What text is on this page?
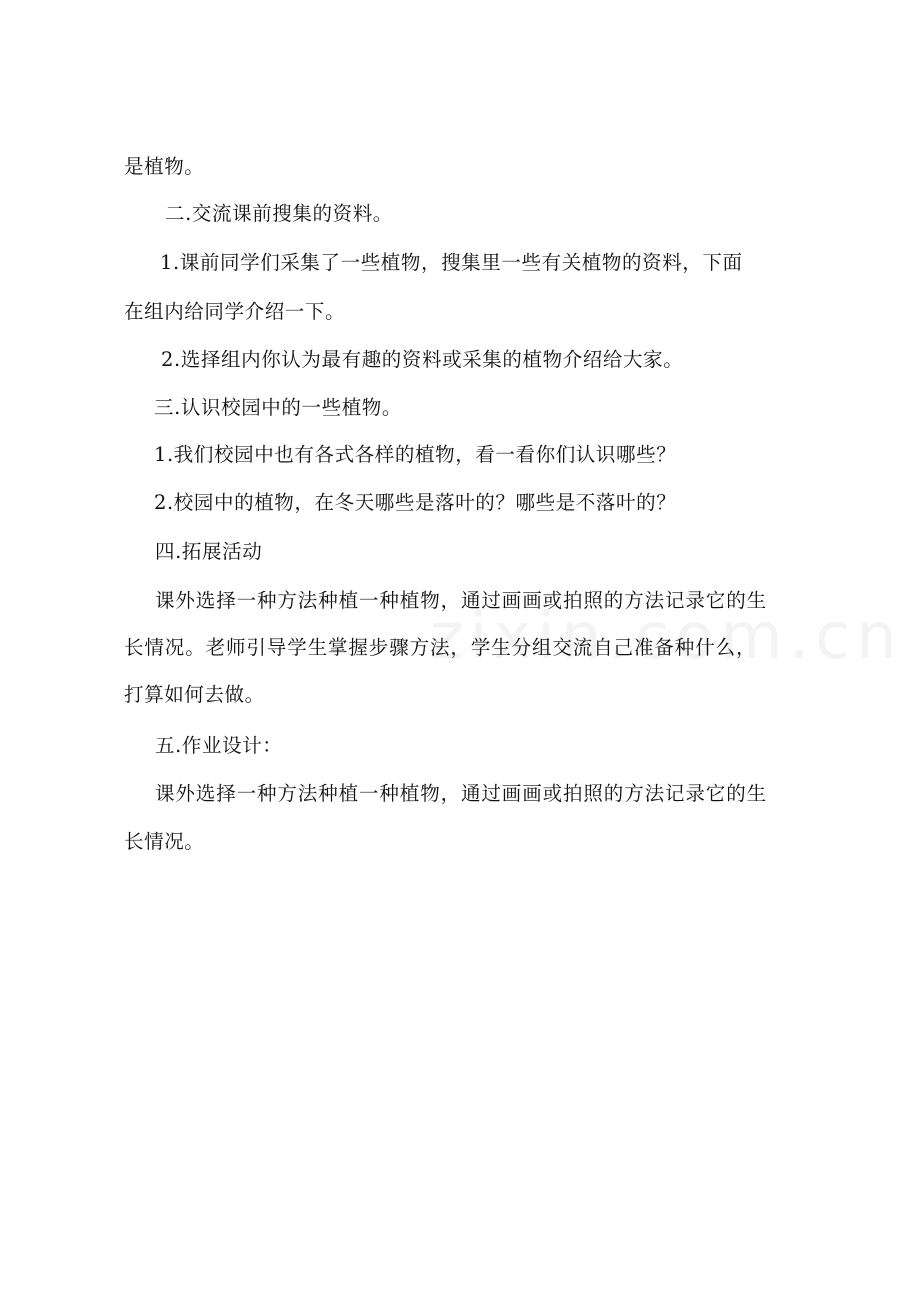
是植物。
二.交流课前搜集的资料。
1.课前同学们采集了一些植物，搜集里一些有关植物的资料，下面
在组内给同学介绍一下。
2.选择组内你认为最有趣的资料或采集的植物介绍给大家。
三.认识校园中的一些植物。
1.我们校园中也有各式各样的植物，看一看你们认识哪些？
2.校园中的植物，在冬天哪些是落叶的？哪些是不落叶的？
四.拓展活动
课外选择一种方法种植一种植物，通过画画或拍照的方法记录它的生
长情况。老师引导学生掌握步骤方法，学生分组交流自己准备种什么，
打算如何去做。
五.作业设计：
课外选择一种方法种植一种植物，通过画画或拍照的方法记录它的生
长情况。
